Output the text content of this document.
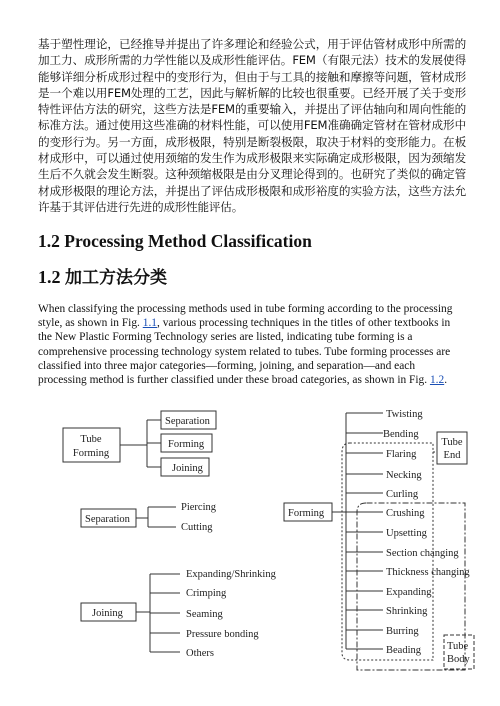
基于塑性理论，已经推导并提出了许多理论和经验公式，用于评估管材成形中所需的加工力、成形所需的力学性能以及成形性能评估。FEM（有限元法）技术的发展使得能够详细分析成形过程中的变形行为，但由于与工具的接触和摩擦等问题，管材成形是一个难以用FEM处理的工艺，因此与解析解的比较也很重要。已经开展了关于变形特性评估方法的研究，这些方法是FEM的重要输入，并提出了评估轴向和周向性能的标准方法。通过使用这些准确的材料性能，可以使用FEM准确确定管材在管材成形中的变形行为。另一方面，成形极限，特别是断裂极限，取决于材料的变形能力。在板材成形中，可以通过使用颈缩的发生作为成形极限来实际确定成形极限，因为颈缩发生后不久就会发生断裂。这种颈缩极限是由分叉理论得到的。也研究了类似的确定管材成形极限的理论方法，并提出了评估成形极限和成形裕度的实验方法，这些方法允许基于其评估进行先进的成形性能评估。
1.2 Processing Method Classification
1.2 加工方法分类
When classifying the processing methods used in tube forming according to the processing style, as shown in Fig. 1.1, various processing techniques in the titles of other textbooks in the New Plastic Forming Technology series are listed, indicating tube forming is a comprehensive processing technology system related to tubes. Tube forming processes are classified into three major categories—forming, joining, and separation—and each processing method is further classified under these broad categories, as shown in Fig. 1.2.
Tube
Forming
Separation
Forming
Joining
Separation
Piercing
Cutting
Joining
Expanding/Shrinking
Crimping
Seaming
Pressure bonding
Others
Forming
Twisting
Bending
Flaring
Necking
Curling
Crushing
Upsetting
Section changing
Thickness changing
Expanding
Shrinking
Burring
Beading
Tube
End
Tube
Body
